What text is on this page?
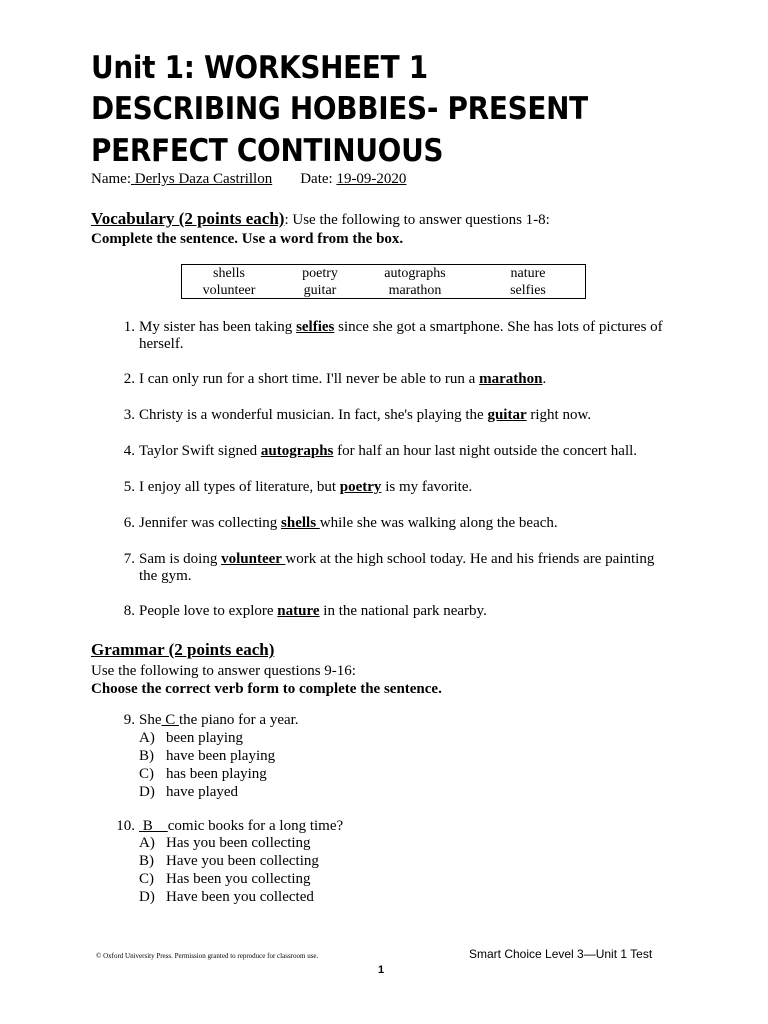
Unit 1: WORKSHEET 1
DESCRIBING HOBBIES- PRESENT
PERFECT CONTINUOUS
Name: Derlys Daza Castrillon Date: 19-09-2020
Vocabulary (2 points each): Use the following to answer questions 1-8:
Complete the sentence. Use a word from the box.
shells	poetry	autographs	nature
volunteer	guitar	marathon	selfies
1. My sister has been taking selfies since she got a smartphone. She has lots of pictures of herself.
2. I can only run for a short time. I'll never be able to run a marathon.
3. Christy is a wonderful musician. In fact, she's playing the guitar right now.
4. Taylor Swift signed autographs for half an hour last night outside the concert hall.
5. I enjoy all types of literature, but poetry is my favorite.
6. Jennifer was collecting shells while she was walking along the beach.
7. Sam is doing volunteer work at the high school today. He and his friends are painting the gym.
8. People love to explore nature in the national park nearby.
Grammar (2 points each)
Use the following to answer questions 9-16:
Choose the correct verb form to complete the sentence.
9. She C the piano for a year.
A) been playing
B) have been playing
C) has been playing
D) have played
10. B    comic books for a long time?
A) Has you been collecting
B) Have you been collecting
C) Has been you collecting
D) Have been you collected
© Oxford University Press. Permission granted to reproduce for classroom use.	Smart Choice Level 3—Unit 1 Test
1
